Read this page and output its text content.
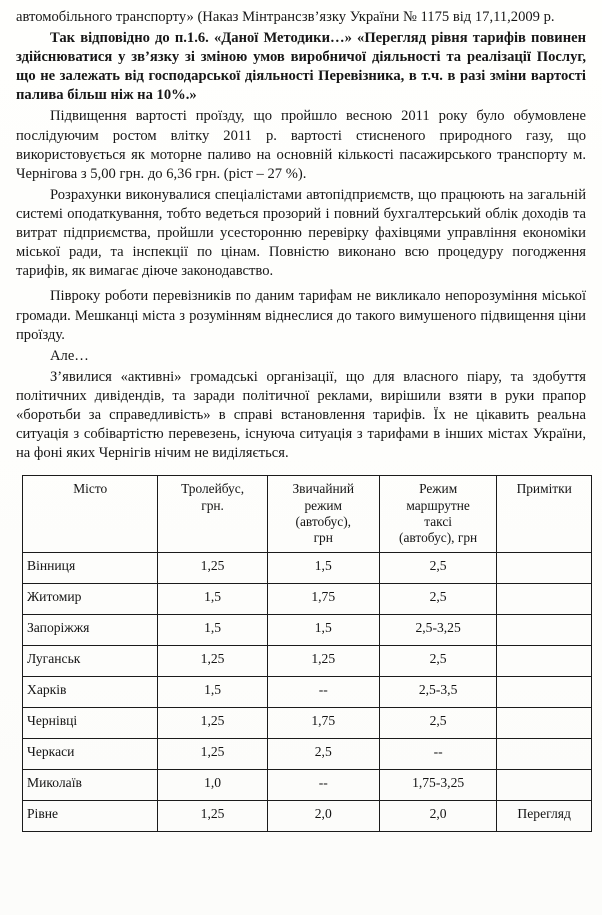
автомобільного транспорту» (Наказ Мінтрансзв’язку України № 1175 від 17,11,2009 р.

Так відповідно до п.1.6. «Даної Методики…» «Перегляд рівня тарифів повинен здійснюватися у зв’язку зі зміною умов виробничої діяльності та реалізації Послуг, що не залежать від господарської діяльності Перевізника, в т.ч. в разі зміни вартості палива більш ніж на 10%.»

Підвищення вартості проїзду, що пройшло весною 2011 року було обумовлене послідуючим ростом влітку 2011 р. вартості стисненого природного газу, що використовується як моторне паливо на основній кількості пасажирського транспорту м. Чернігова з 5,00 грн. до 6,36 грн. (ріст – 27 %).

Розрахунки виконувалися спеціалістами автопідприємств, що працюють на загальній системі оподаткування, тобто ведеться прозорий і повний бухгалтерський облік доходів та витрат підприємства, пройшли усесторонню перевірку фахівцями управління економіки міської ради, та інспекції по цінам. Повністю виконано всю процедуру погодження тарифів, як вимагає діюче законодавство.

Півроку роботи перевізників по даним тарифам не викликало непорозуміння міської громади. Мешканці міста з розумінням віднеслися до такого вимушеного підвищення ціни проїзду.

Але…

З’явилися «активні» громадські організації, що для власного піару, та здобуття політичних дивідендів, та заради політичної реклами, вирішили взяти в руки прапор «боротьби за справедливість» в справі встановлення тарифів. Їх не цікавить реальна ситуація з собівартістю перевезень, існуюча ситуація з тарифами в інших містах України, на фоні яких Чернігів нічим не виділяється.

Місто	Тролейбус,
грн.	Звичайний
режим
(автобус),
грн	Режим
маршрутне
таксі
(автобус), грн	Примітки

Вінниця	1,25	1,5	2,5	
Житомир	1,5	1,75	2,5	
Запоріжжя	1,5	1,5	2,5-3,25	
Луганськ	1,25	1,25	2,5	
Харків	1,5	--	2,5-3,5	
Чернівці	1,25	1,75	2,5	
Черкаси	1,25	2,5	--	
Миколаїв	1,0	--	1,75-3,25	
Рівне	1,25	2,0	2,0	Перегляд
